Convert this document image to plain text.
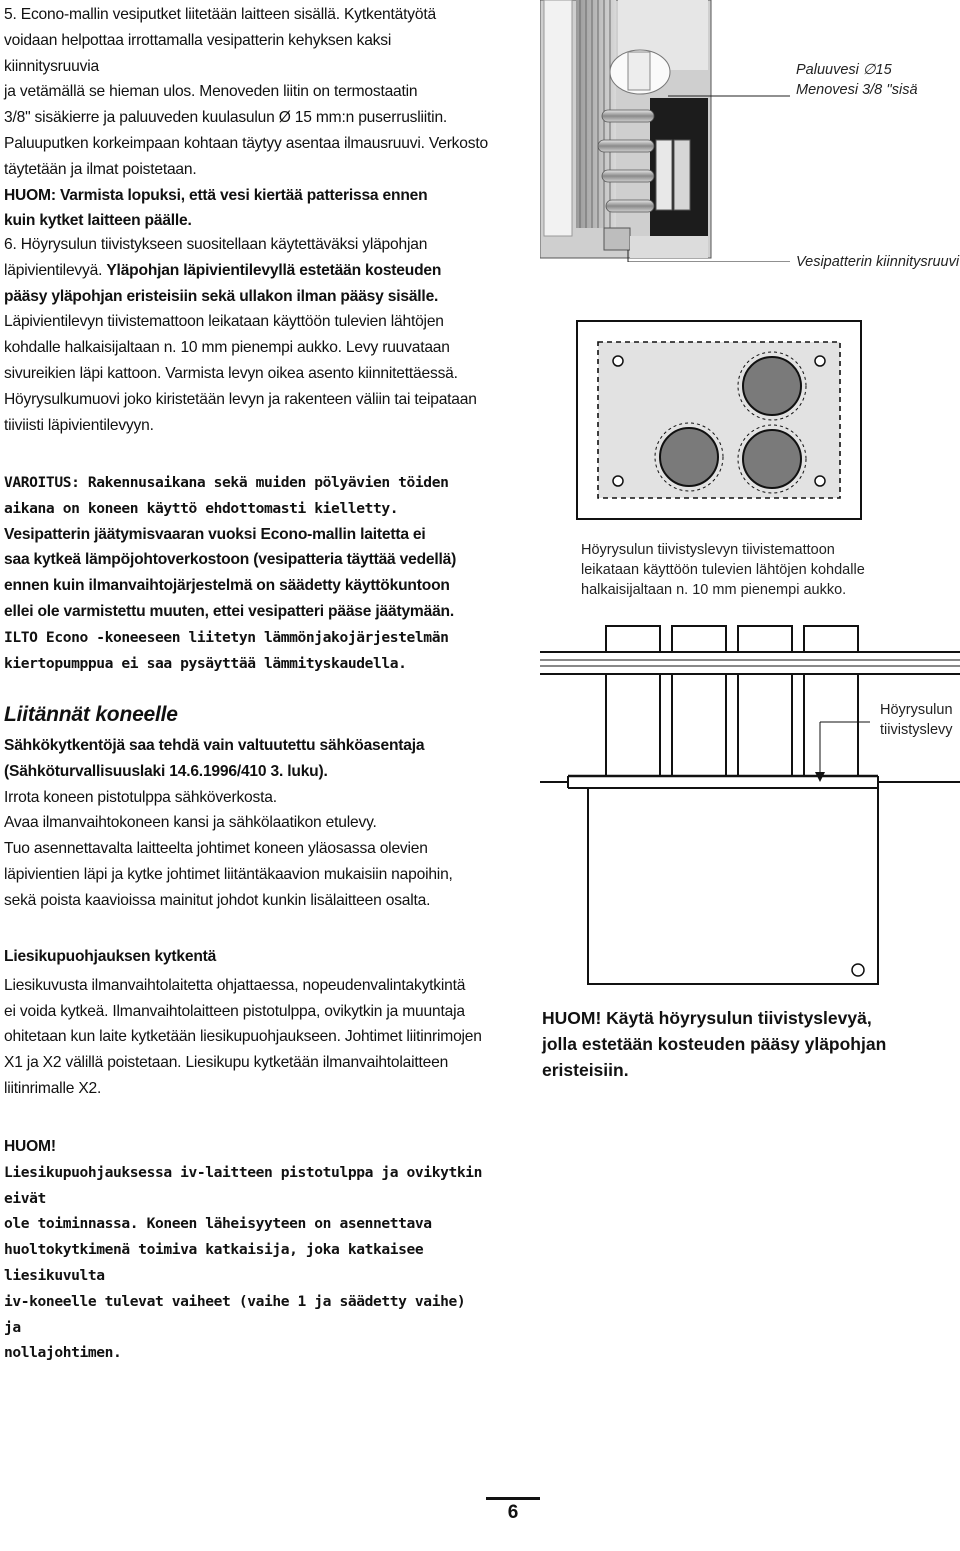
5. Econo-mallin vesiputket liitetään laitteen sisällä. Kytkentätyötä

voidaan helpottaa irrottamalla vesipatterin kehyksen kaksi kiinnitysruuvia

ja vetämällä se hieman ulos. Menoveden liitin on termostaatin

3/8" sisäkierre ja paluuveden kuulasulun Ø 15 mm:n puserrusliitin.

Paluuputken korkeimpaan kohtaan täytyy asentaa ilmausruuvi. Verkosto

täytetään ja ilmat poistetaan.

HUOM: Varmista lopuksi, että vesi kiertää patterissa ennen

kuin kytket laitteen päälle.

6. Höyrysulun tiivistykseen suositellaan käytettäväksi yläpohjan

läpivientilevyä. Yläpohjan läpivientilevyllä estetään kosteuden

pääsy yläpohjan eristeisiin sekä ullakon ilman pääsy sisälle.

Läpivientilevyn tiivistemattoon leikataan käyttöön tulevien lähtöjen

kohdalle halkaisijaltaan n. 10 mm pienempi aukko. Levy ruuvataan

sivureikien läpi kattoon. Varmista levyn oikea asento kiinnitettäessä.

Höyrysulkumuovi joko kiristetään levyn ja rakenteen väliin tai teipataan

tiiviisti läpivientilevyyn.

VAROITUS: Rakennusaikana sekä muiden pölyävien töiden

aikana on koneen käyttö ehdottomasti kielletty.

Vesipatterin jäätymisvaaran vuoksi Econo-mallin laitetta ei

saa kytkeä lämpöjohtoverkostoon (vesipatteria täyttää vedellä)

ennen kuin ilmanvaihtojärjestelmä on säädetty käyttökuntoon

ellei ole varmistettu muuten, ettei vesipatteri pääse jäätymään.

ILTO Econo -koneeseen liitetyn lämmönjakojärjestelmän

kiertopumppua ei saa pysäyttää lämmityskaudella.

Liitännät koneelle

Sähkökytkentöjä saa tehdä vain valtuutettu sähköasentaja

(Sähköturvallisuuslaki 14.6.1996/410 3. luku).

Irrota koneen pistotulppa sähköverkosta.

Avaa ilmanvaihtokoneen kansi ja sähkölaatikon etulevy.

Tuo asennettavalta laitteelta johtimet koneen yläosassa olevien

läpivientien läpi ja kytke johtimet liitäntäkaavion mukaisiin napoihin,

sekä poista kaavioissa mainitut johdot kunkin lisälaitteen osalta.

Liesikupuohjauksen kytkentä

Liesikuvusta ilmanvaihtolaitetta ohjattaessa, nopeudenvalintakytkintä

ei voida kytkeä. Ilmanvaihtolaitteen pistotulppa, ovikytkin ja muuntaja

ohitetaan kun laite kytketään liesikupuohjaukseen. Johtimet liitinrimojen

X1 ja X2 välillä poistetaan. Liesikupu kytketään ilmanvaihtolaitteen

liitinrimalle X2.

HUOM!

Liesikupuohjauksessa iv-laitteen pistotulppa ja ovikytkin eivät

ole toiminnassa. Koneen läheisyyteen on asennettava

huoltokytkimenä toimiva katkaisija, joka katkaisee liesikuvulta

iv-koneelle tulevat vaiheet (vaihe 1 ja säädetty vaihe) ja

nollajohtimen.

Paluuvesi ∅15
Menovesi 3/8 ''sisä
Vesipatterin kiinnitysruuvi
Höyrysulun tiivistyslevyn tiivistemattoon
leikataan käyttöön tulevien lähtöjen kohdalle
halkaisijaltaan n. 10 mm pienempi aukko.
Höyrysulun
tiivistyslevy
HUOM! Käytä höyrysulun tiivistyslevyä,
jolla estetään kosteuden pääsy yläpohjan
eristeisiin.
6
